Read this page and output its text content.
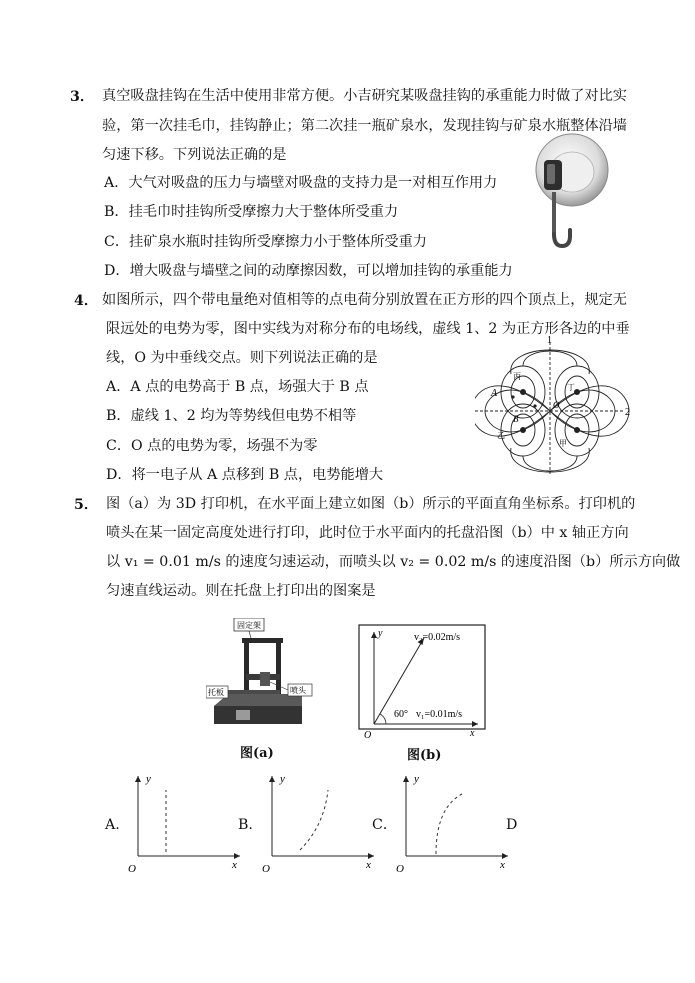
3． 真空吸盘挂钩在生活中使用非常方便。小吉研究某吸盘挂钩的承重能力时做了对比实
验，第一次挂毛巾，挂钩静止；第二次挂一瓶矿泉水，发现挂钩与矿泉水瓶整体沿墙
匀速下移。下列说法正确的是
A．大气对吸盘的压力与墙壁对吸盘的支持力是一对相互作用力
B．挂毛巾时挂钩所受摩擦力大于整体所受重力
C．挂矿泉水瓶时挂钩所受摩擦力小于整体所受重力
D．增大吸盘与墙壁之间的动摩擦因数，可以增加挂钩的承重能力
4． 如图所示，四个带电量绝对值相等的点电荷分别放置在正方形的四个顶点上，规定无
限远处的电势为零，图中实线为对称分布的电场线，虚线 1、2 为正方形各边的中垂
线，O 为中垂线交点。则下列说法正确的是
A．A 点的电势高于 B 点，场强大于 B 点
B．虚线 1、2 均为等势线但电势不相等
C．O 点的电势为零，场强不为零
D．将一电子从 A 点移到 B 点，电势能增大
1
2
A
B
O
丙
丁
乙
甲
5． 图（a）为 3D 打印机，在水平面上建立如图（b）所示的平面直角坐标系。打印机的
喷头在某一固定高度处进行打印，此时位于水平面内的托盘沿图（b）中 x 轴正方向
以 v₁ = 0.01 m/s 的速度匀速运动，而喷头以 v₂ = 0.02 m/s 的速度沿图（b）所示方向做
匀速直线运动。则在托盘上打印出的图案是
固定架
托板	喷头
图(a)
y
x
O
v₂=0.02m/s
v₁=0.01m/s
60°
图(b)
A.
y
x
O
B.
y
x
O
C．
y
x
O
D
